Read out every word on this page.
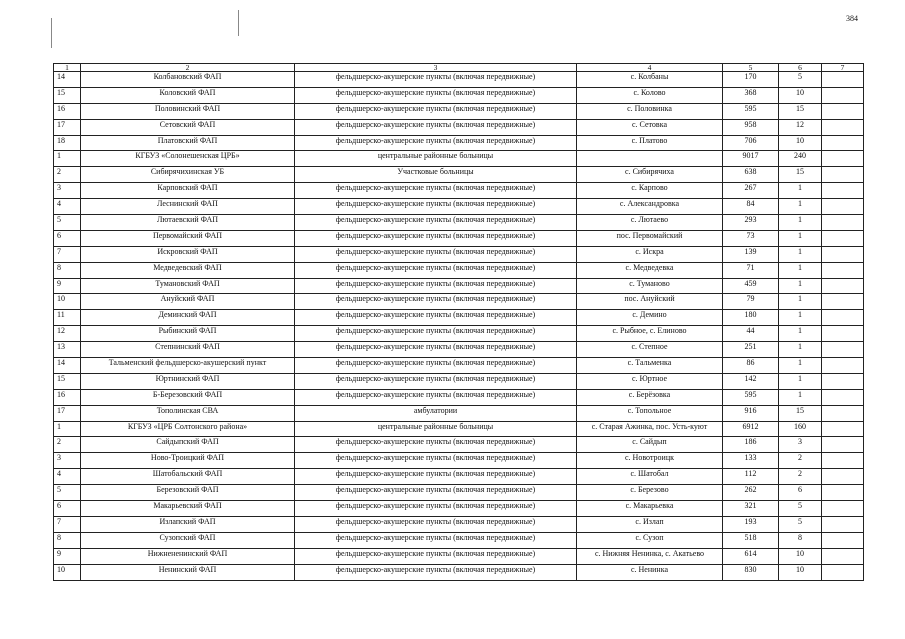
384
1	2	3	4	5	6	7
14	Колбановский ФАП	фельдшерско-акушерские пункты (включая передвижные)	с. Колбаны	170	5	
15	Коловский ФАП	фельдшерско-акушерские пункты (включая передвижные)	с. Колово	368	10	
16	Половинский ФАП	фельдшерско-акушерские пункты (включая передвижные)	с. Половинка	595	15	
17	Сетовский ФАП	фельдшерско-акушерские пункты (включая передвижные)	с. Сетовка	958	12	
18	Платовский ФАП	фельдшерско-акушерские пункты (включая передвижные)	с. Платово	706	10	
1	КГБУЗ «Солонешенская ЦРБ»	центральные районные больницы		9017	240	
2	Сибирячихинская УБ	Участковые больницы	с. Сибирячиха	638	15	
3	Карповский ФАП	фельдшерско-акушерские пункты (включая передвижные)	с. Карпово	267	1	
4	Леснинский ФАП	фельдшерско-акушерские пункты (включая передвижные)	с. Александровка	84	1	
5	Лютаевский ФАП	фельдшерско-акушерские пункты (включая передвижные)	с. Лютаево	293	1	
6	Первомайский ФАП	фельдшерско-акушерские пункты (включая передвижные)	пос. Первомайский	73	1	
7	Искровский ФАП	фельдшерско-акушерские пункты (включая передвижные)	с. Искра	139	1	
8	Медведевский ФАП	фельдшерско-акушерские пункты (включая передвижные)	с. Медведевка	71	1	
9	Тумановский ФАП	фельдшерско-акушерские пункты (включая передвижные)	с. Туманово	459	1	
10	Ануйский ФАП	фельдшерско-акушерские пункты (включая передвижные)	пос. Ануйский	79	1	
11	Деминский ФАП	фельдшерско-акушерские пункты (включая передвижные)	с. Демино	180	1	
12	Рыбинский ФАП	фельдшерско-акушерские пункты (включая передвижные)	с. Рыбное, с. Елиново	44	1	
13	Степнинский ФАП	фельдшерско-акушерские пункты (включая передвижные)	с. Степное	251	1	
14	Тальменский фельдшерско-акушерский пункт	фельдшерско-акушерские пункты (включая передвижные)	с. Тальменка	86	1	
15	Юртнинский ФАП	фельдшерско-акушерские пункты (включая передвижные)	с. Юртное	142	1	
16	Б-Березовский ФАП	фельдшерско-акушерские пункты (включая передвижные)	с. Берёзовка	595	1	
17	Тополинская СВА	амбулатории	с. Топольное	916	15	
1	КГБУЗ «ЦРБ Солтонского района»	центральные районные больницы	с. Старая Ажинка, пос. Усть-куют	6912	160	
2	Сайдыпский ФАП	фельдшерско-акушерские пункты (включая передвижные)	с. Сайдып	186	3	
3	Ново-Троицкий ФАП	фельдшерско-акушерские пункты (включая передвижные)	с. Новотроицк	133	2	
4	Шатобальский ФАП	фельдшерско-акушерские пункты (включая передвижные)	с. Шатобал	112	2	
5	Березовский ФАП	фельдшерско-акушерские пункты (включая передвижные)	с. Березово	262	6	
6	Макарьевский ФАП	фельдшерско-акушерские пункты (включая передвижные)	с. Макарьевка	321	5	
7	Излапский ФАП	фельдшерско-акушерские пункты (включая передвижные)	с. Излап	193	5	
8	Сузопский ФАП	фельдшерско-акушерские пункты (включая передвижные)	с. Сузоп	518	8	
9	Нижнененинский ФАП	фельдшерско-акушерские пункты (включая передвижные)	с. Нижняя Ненинка, с. Акатьево	614	10	
10	Ненинский ФАП	фельдшерско-акушерские пункты (включая передвижные)	с. Ненинка	830	10	
